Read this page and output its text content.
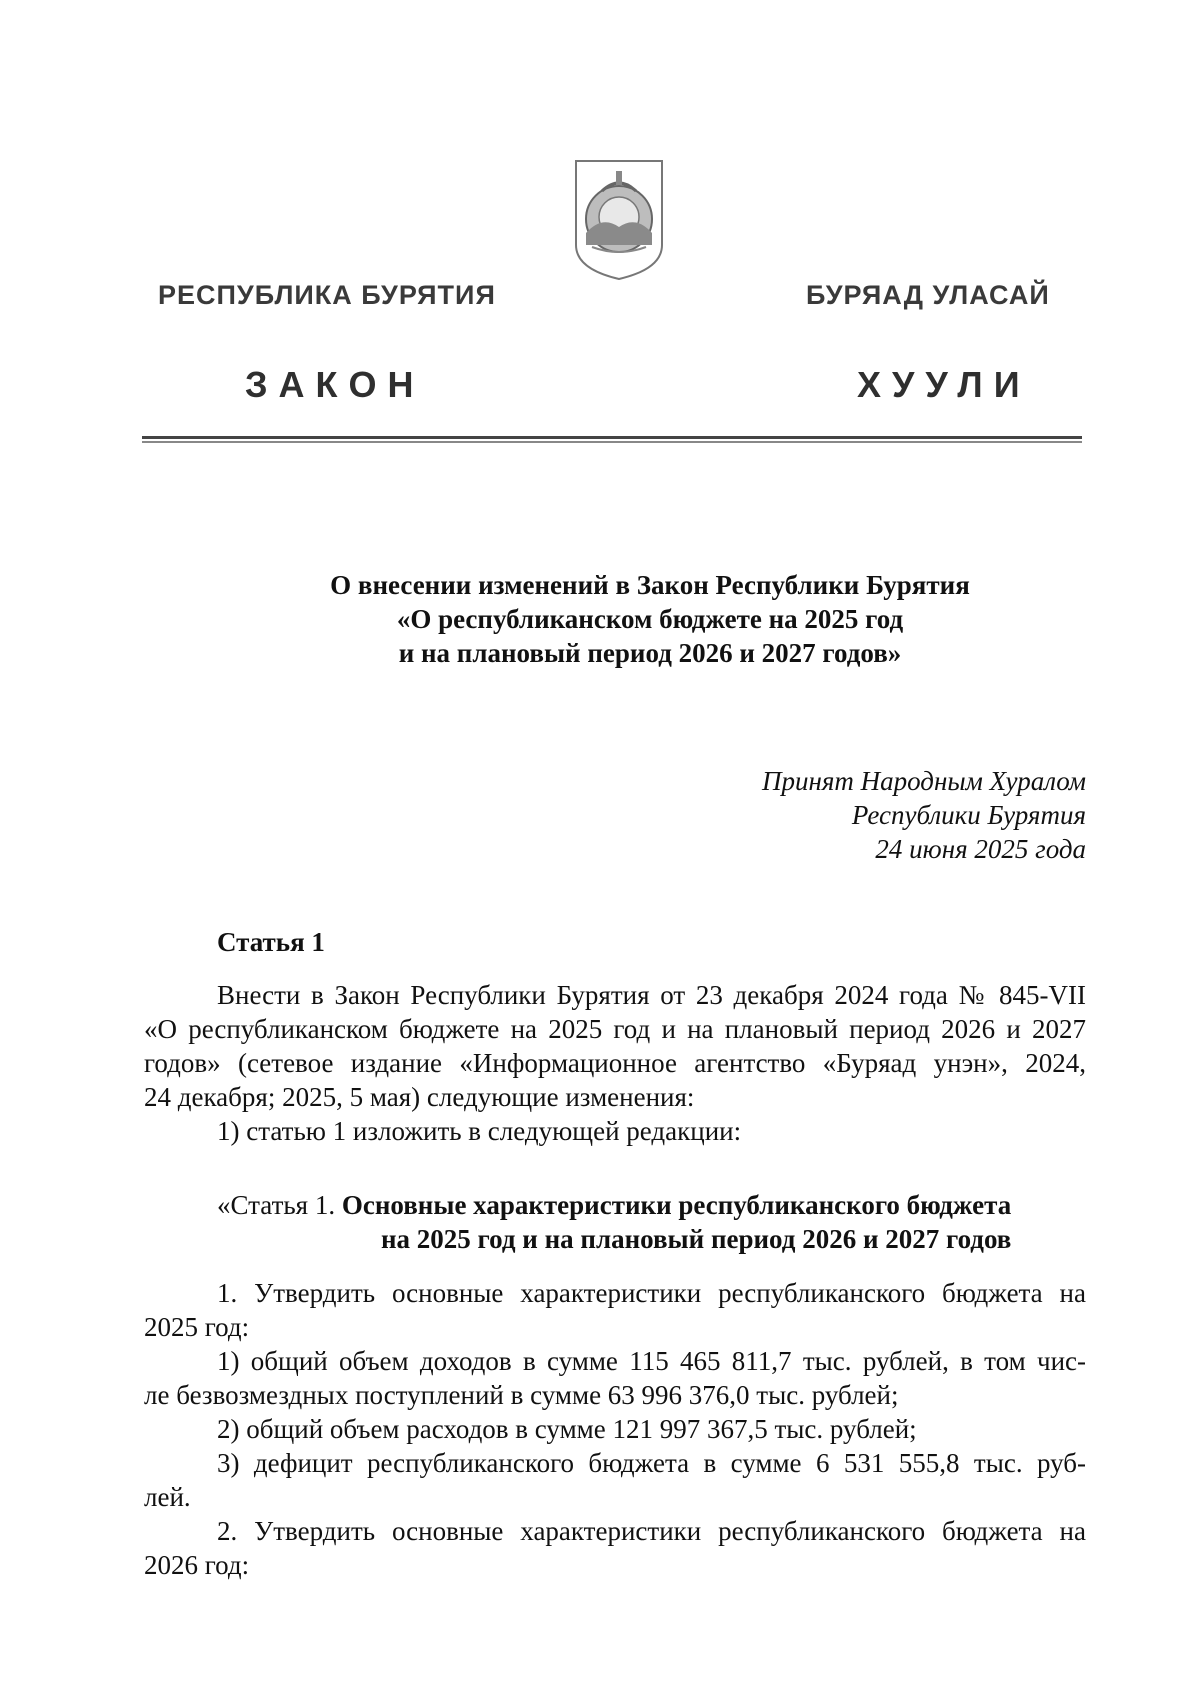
РЕСПУБЛИКА БУРЯТИЯ	БУРЯАД УЛАСАЙ
ЗАКОН	ХУУЛИ
О внесении изменений в Закон Республики Бурятия
«О республиканском бюджете на 2025 год
и на плановый период 2026 и 2027 годов»
Принят Народным Хуралом
Республики Бурятия
24 июня 2025 года
Статья 1
Внести в Закон Республики Бурятия от 23 декабря 2024 года № 845-VII
«О республиканском бюджете на 2025 год и на плановый период 2026 и 2027
годов» (сетевое издание «Информационное агентство «Буряад унэн», 2024,
24 декабря; 2025, 5 мая) следующие изменения:
1) статью 1 изложить в следующей редакции:
«Статья 1. Основные характеристики республиканского бюджета
на 2025 год и на плановый период 2026 и 2027 годов
1. Утвердить основные характеристики республиканского бюджета на
2025 год:
1) общий объем доходов в сумме 115 465 811,7 тыс. рублей, в том чис-
ле безвозмездных поступлений в сумме 63 996 376,0 тыс. рублей;
2) общий объем расходов в сумме 121 997 367,5 тыс. рублей;
3) дефицит республиканского бюджета в сумме 6 531 555,8 тыс. руб-
лей.
2. Утвердить основные характеристики республиканского бюджета на
2026 год:
